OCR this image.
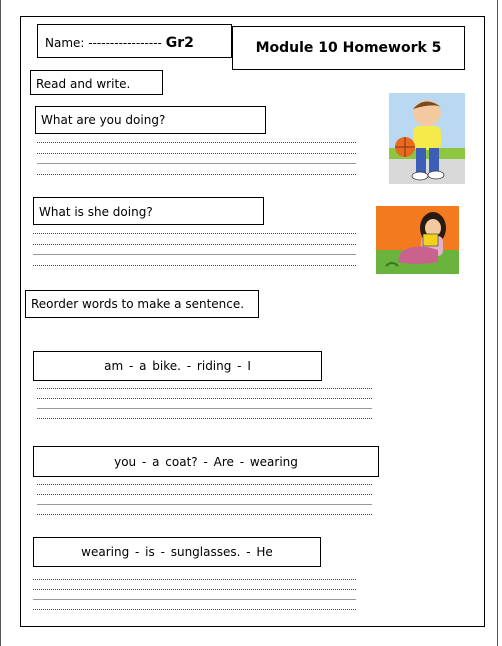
Name: ----------------- Gr2	Module 10 Homework 5
Read and write.
What are you doing?
What is she doing?
Reorder words to make a sentence.
am - a bike. - riding - I
you - a coat? - Are - wearing
wearing - is - sunglasses. - He
